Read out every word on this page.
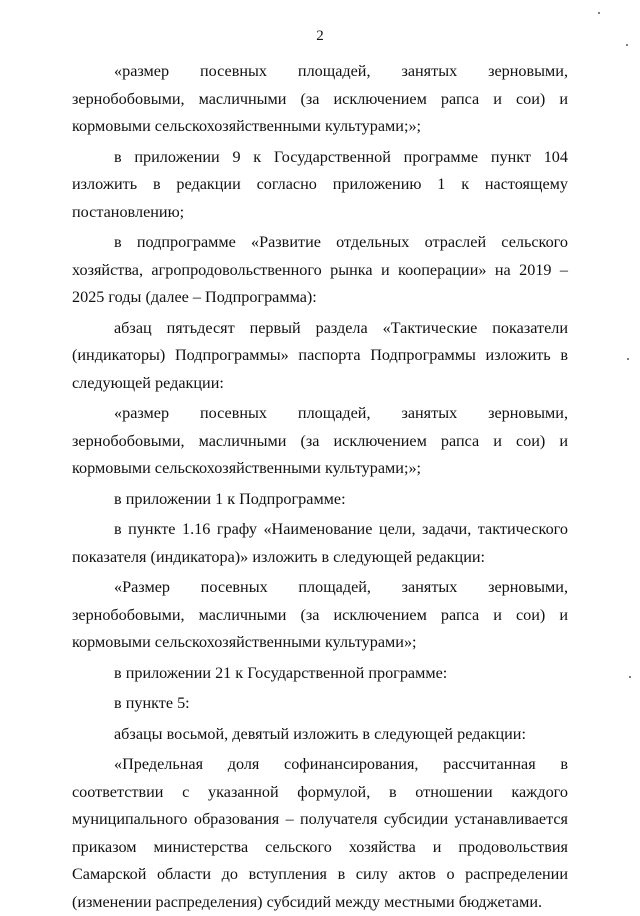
2

«размер посевных площадей, занятых зерновыми, зернобобовыми, масличными (за исключением рапса и сои) и кормовыми сельскохозяйственными культурами;»;

в приложении 9 к Государственной программе пункт 104 изложить в редакции согласно приложению 1 к настоящему постановлению;

в подпрограмме «Развитие отдельных отраслей сельского хозяйства, агропродовольственного рынка и кооперации» на 2019 – 2025 годы (далее – Подпрограмма):

абзац пятьдесят первый раздела «Тактические показатели (индикаторы) Подпрограммы» паспорта Подпрограммы изложить в следующей редакции:

«размер посевных площадей, занятых зерновыми, зернобобовыми, масличными (за исключением рапса и сои) и кормовыми сельскохозяйственными культурами;»;

в приложении 1 к Подпрограмме:

в пункте 1.16 графу «Наименование цели, задачи, тактического показателя (индикатора)» изложить в следующей редакции:

«Размер посевных площадей, занятых зерновыми, зернобобовыми, масличными (за исключением рапса и сои) и кормовыми сельскохозяйственными культурами»;

в приложении 21 к Государственной программе:

в пункте 5:

абзацы восьмой, девятый изложить в следующей редакции:

«Предельная доля софинансирования, рассчитанная в соответствии с указанной формулой, в отношении каждого муниципального образования – получателя субсидии устанавливается приказом министерства сельского хозяйства и продовольствия Самарской области до вступления в силу актов о распределении (изменении распределения) субсидий между местными бюджетами.
